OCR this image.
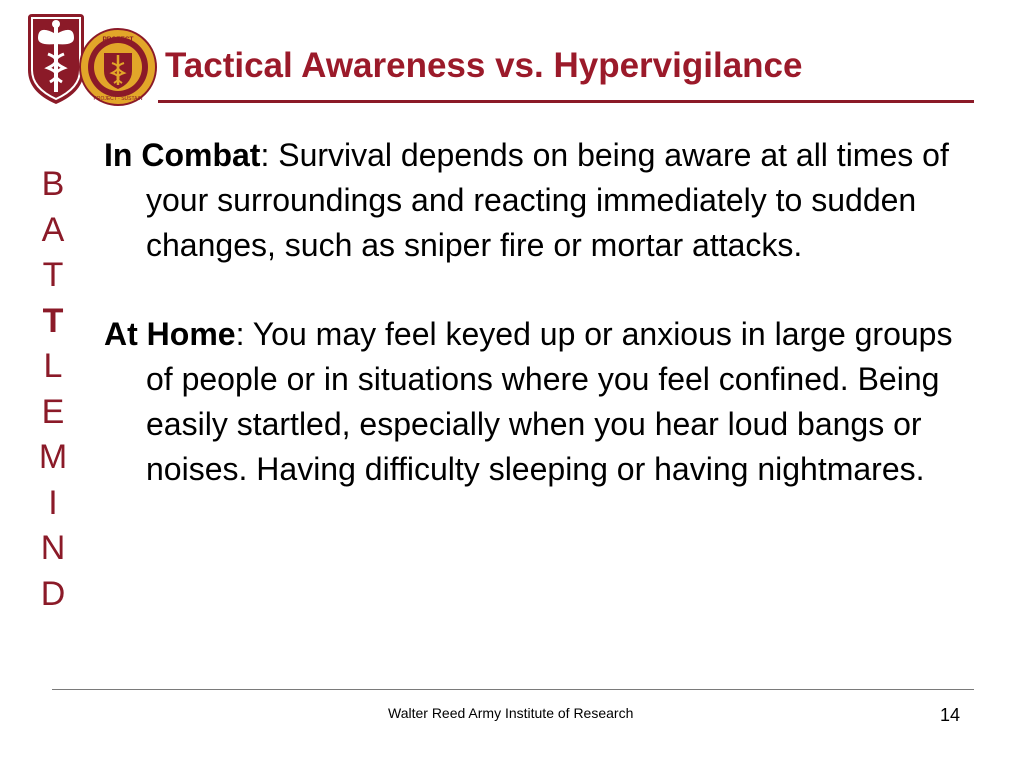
PROTECT
PROJECT · SUSTAIN
Tactical Awareness vs. Hypervigilance
B
A
T
T
L
E
M
I
N
D

In Combat: Survival depends on being aware at all times of your surroundings and reacting immediately to sudden changes, such as sniper fire or mortar attacks.

At Home: You may feel keyed up or anxious in large groups of people or in situations where you feel confined. Being easily startled, especially when you hear loud bangs or noises. Having difficulty sleeping or having nightmares.

Walter Reed Army Institute of Research	14
